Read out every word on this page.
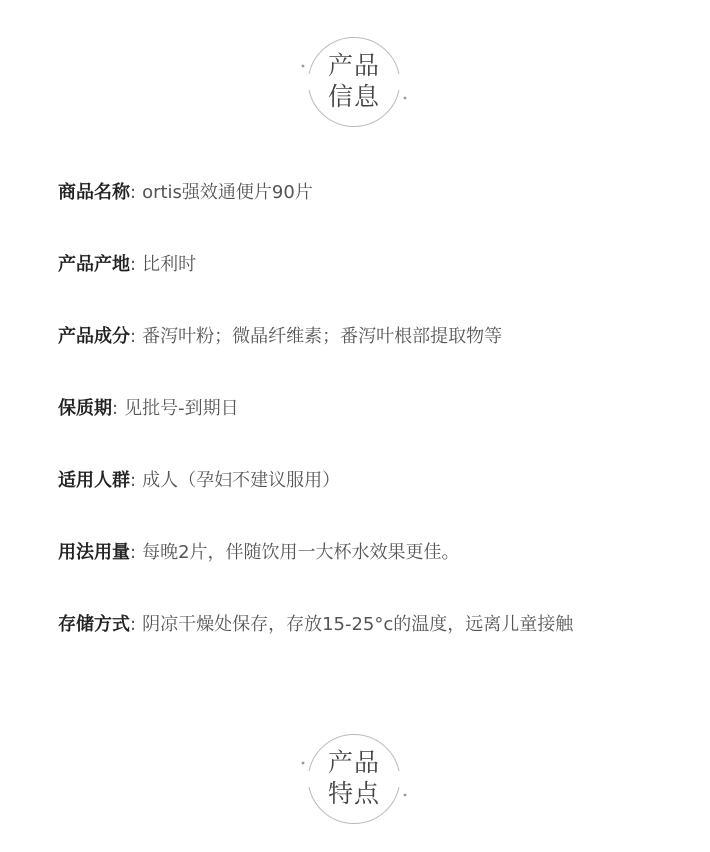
产品
信息
商品名称: ortis强效通便片90片
产品产地: 比利时
产品成分: 番泻叶粉；微晶纤维素；番泻叶根部提取物等
保质期: 见批号-到期日
适用人群: 成人（孕妇不建议服用）
用法用量: 每晚2片，伴随饮用一大杯水效果更佳。
存储方式: 阴凉干燥处保存，存放15-25°c的温度，远离儿童接触
产品
特点
